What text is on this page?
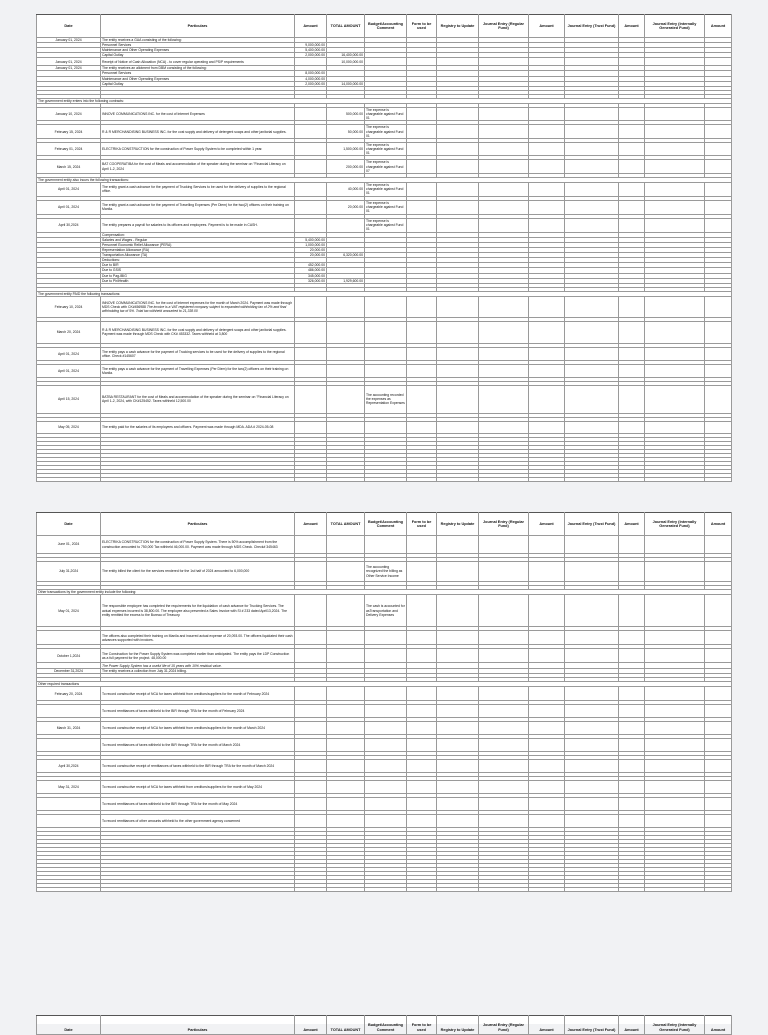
Date	Particulars	Amount	TOTAL AMOUNT	Budget/Accounting Comment	Form to be used	Registry to Update	Journal Entry (Regular Fund)	Amount	Journal Entry (Trust Fund)	Amount	Journal Entry (Internally Generated Fund)	Amount
January 01, 2024	The entity receives a GAA consisting of the following:											
	Personnel Services	9,000,000.00										
	Maintenance and Other Operating Expenses	5,400,000.00										
	Capital Outlay	2,000,000.00	16,400,000.00									
January 01, 2024	Receipt of Notice of Cash Allocation (NCA) - to cover regular operating and PS/P requirements		10,000,000.00									
January 01, 2024	The entity receives an allotment from DBM consisting of the following:											
	Personnel Services	8,000,000.00										
	Maintenance and Other Operating Expenses	4,000,000.00										
	Capital Outlay	2,000,000.00	14,000,000.00									

The government entity enters into the following contracts:												

January 10, 2024	INNOVE COMMUNICATIONS INC. for the cost of Internet Expenses		500,000.00	The expense is chargeable against Fund 01								

February 15, 2024	R & R MERCHANDISING BUSINESS INC. for the cost supply and delivery of detergent soaps and other janitorial supplies.		50,000.00	The expense is chargeable against Fund 01								

February 01, 2024	ELECTRIKA CONSTRUCTION for the construction of Power Supply System to be completed within 1 year.		1,500,000.00	The expense is chargeable against Fund 01								

March 15, 2024	BAT COOPERATIBA for the cost of Meals and accommodation of the speaker during the seminar on "Financial Literacy on April 1-2, 2024		200,000.00	The expense is chargeable against Fund 07								

The government entity also incurs the following transactions:												
April 01, 2024	The entity grant a cash advance for the payment of Trucking Services to be used for the delivery of supplies to the regional office.		40,000.00	The expense is chargeable against Fund 01								

April 01, 2024	The entity grant a cash advance for the payment of Travelling Expenses (Per Diem) for the two(2) officers on their training on Manila.		20,000.00	The expense is chargeable against Fund 01								

April 30,2024	The entity prepares a payroll for salaries to its officers and employees. Payment is to be made in CASH.			The expense is chargeable against Fund 01								
	Compensation:											
	Salaries and Wages - Regular	5,400,000.00										
	Personnel Economic Relief Allowance (PERA)	1,000,000.00										
	Representation Allowance (RA)	20,000.00										
	Transportation Allowance (TA)	20,000.00	6,320,000.00									
	Deductions:											
	Due to BIR	452,000.00										
	Due to GSIS	486,000.00										
	Due to Pag-IBIG	345,000.00										
	Due to PhilHealth	326,000.00	1,929,600.00									

The government entity PAID the following transactions:												
February 10, 2024	INNOVE COMMUNICATIONS INC. for the cost of Internet expenses for the month of March 2024. Payment was made through MDS Check with CK#456988 The invoice is a VAT registered company subject to expanded withholding tax of 2% and final withholding tax of 5%. Total tax withheld amounted to 21,338.00											

March 20, 2024	R & R MERCHANDISING BUSINESS INC. for the cost supply and delivery of detergent soaps and other janitorial supplies. Payment was made through MDS Check with CK# 453332. Taxes withheld at 3,800											

April 01, 2024	The entity pays a cash advance for the payment of Trucking services to be used for the delivery of supplies to the regional office. Check #145607											

April 01, 2024	The entity pays a cash advance for the payment of Travelling Expenses (Per Diem) for the two(2) officers on their training on Manila.											

April 15, 2024	BATBA RESTAURANT for the cost of Meals and accommodation of the speaker during the seminar on "Financial Literacy on April 1-2, 2024, with CK#125452. Taxes withheld 12,500.00			The accounting recorded the expenses as Representation Expenses								

May 05, 2024	The entity paid for the salaries of its employees and officers. Payment was made through MDA. ADA # 2024-05-08											

Date	Particulars	Amount	TOTAL AMOUNT	Budget/Accounting Comment	Form to be used	Registry to Update	Journal Entry (Regular Fund)	Amount	Journal Entry (Trust Fund)	Amount	Journal Entry (Internally Generated Fund)	Amount
June 01, 2024	ELECTRIKA CONSTRUCTION for the construction of Power Supply System. There is 50% accomplishment from the construction amounted to 750,000 Tax withheld 46,000.00. Payment was made through MDS Check. Check# 345463											

July 31,2024	The entity billed the client for the services rendered for the 1st half of 2024 amounted to 6,000,000			The accounting recognized the billing as Other Service Income								

Other transactions by the government entity include the following:												
May 01, 2024	The responsible employee has completed the requirements for the liquidation of cash advance for Trucking Services. The actual expenses incurred is 38,800.00. The employee also presented a Sales Invoice with SI # 233 dated April13,2024. The entity remitted the excess to the Bureau of Treasury.			The cash is accounted for asTransportation and Delivery Expenses								

	The officers also completed their training on Manila and incurred actual expense of 20,093.00. The officers liquidated their cash advances supported with invoices.											

October 1,2024	The Construction for the Power Supply System was completed earlier than anticipated. The entity pays the LDP Construction as a full payment for the project. 48,000.00											
	The Power Supply System has a useful life of 15 years with 10% residual value.											
December 31,2024	The entity receives a collection from July 31,2024 billing.											

Other required transactions												
February 20, 2024	To record constructive receipt of NCA for taxes withheld from creditors/suppliers for the month of February 2024											

	To record remittances of taxes withheld to the BIR through TRA for the month of February 2024											

March 31, 2024	To record constructive receipt of NCA for taxes withheld from creditors/suppliers for the month of March 2024											

	To record remittances of taxes withheld to the BIR through TRA for the month of March 2024											

April 30,2024	To record constructive receipt of remittances of taxes withheld to the BIR through TRA for the month of March 2024											

May 31, 2024	To record constructive receipt of NCA for taxes withheld from creditors/suppliers for the month of May 2024											

	To record remittances of taxes withheld to the BIR through TRA for the month of May 2024											

	To record remittances of other amounts withheld to the other government agency concerned											

Date	Particulars	Amount	TOTAL AMOUNT	Budget/Accounting Comment	Form to be used	Registry to Update	Journal Entry (Regular Fund)	Amount	Journal Entry (Trust Fund)	Amount	Journal Entry (Internally Generated Fund)	Amount
